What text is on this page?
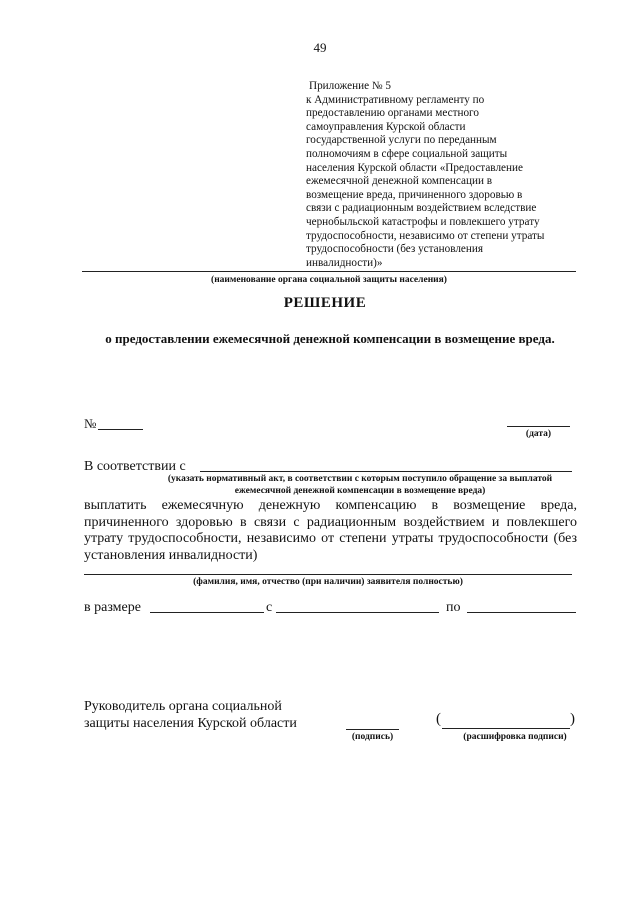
49

Приложение № 5

к Административному регламенту по
предоставлению органами местного
самоуправления Курской области
государственной услуги по переданным
полномочиям в сфере социальной защиты
населения Курской области «Предоставление
ежемесячной денежной компенсации в
возмещение вреда, причиненного здоровью в
связи с радиационным воздействием вследствие
чернобыльской катастрофы и повлекшего утрату
трудоспособности, независимо от степени утраты
трудоспособности (без установления
инвалидности)»

(наименование органа социальной защиты населения)
РЕШЕНИЕ
о предоставлении ежемесячной денежной компенсации в возмещение вреда.
№
(дата)
В соответствии с
(указать нормативный акт, в соответствии с которым поступило обращение за выплатой ежемесячной денежной компенсации в возмещение вреда)
выплатить ежемесячную денежную компенсацию в возмещение вреда, причиненного здоровью в связи с радиационным воздействием и повлекшего утрату трудоспособности, независимо от степени утраты трудоспособности (без установления инвалидности)
(фамилия, имя, отчество (при наличии) заявителя полностью)
в размере	с	по
Руководитель органа социальной
защиты населения Курской области
(подпись)
(	)
(расшифровка подписи)
